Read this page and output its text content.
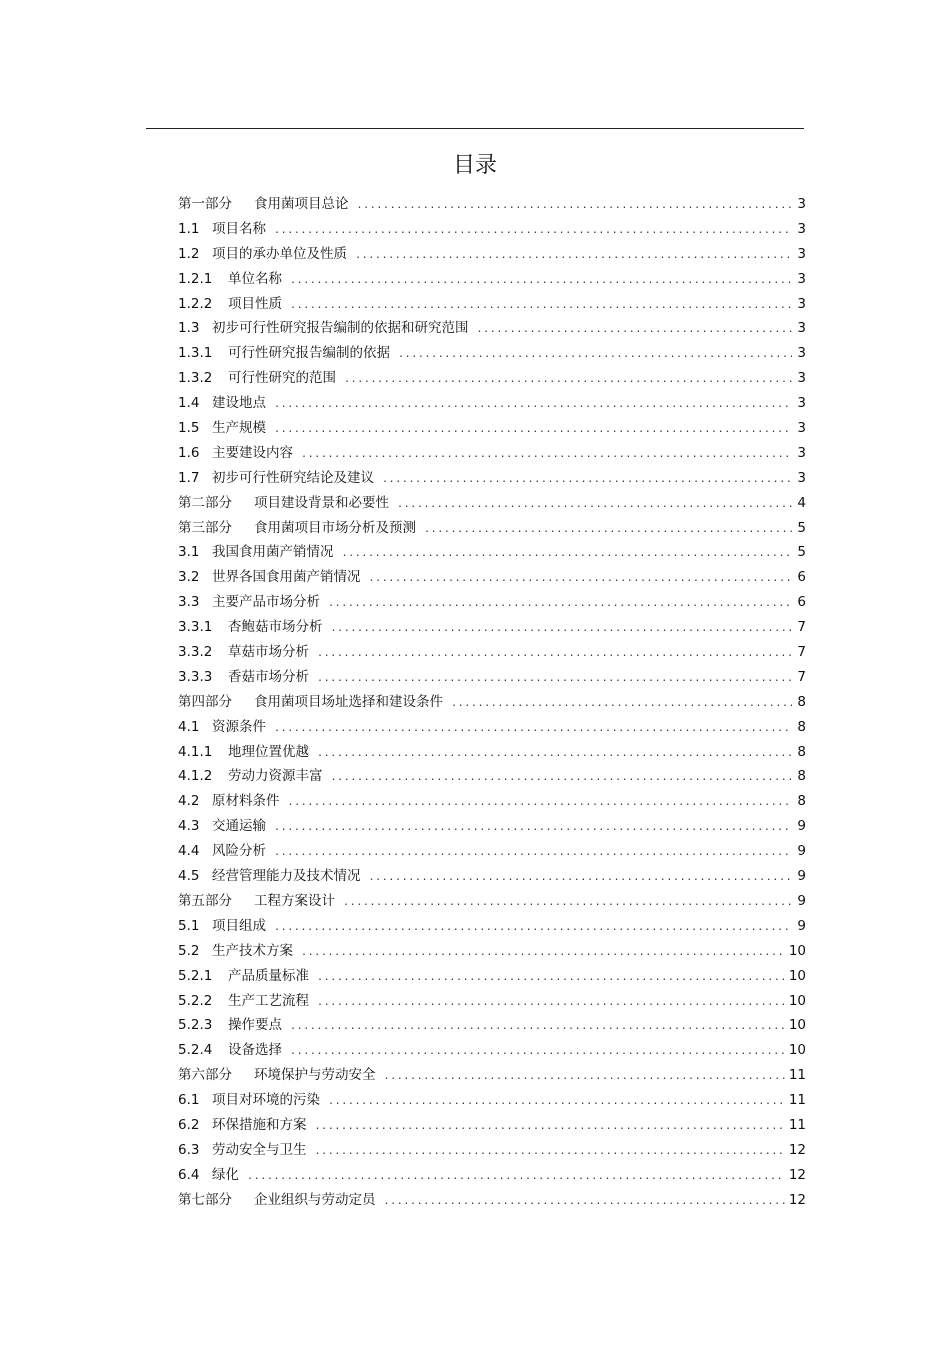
目录
第一部分	食用菌项目总论 .....	3
1.1 项目名称 .....	3
1.2 项目的承办单位及性质 .....	3
1.2.1	单位名称 .....	3
1.2.2	项目性质 .....	3
1.3 初步可行性研究报告编制的依据和研究范围 .....	3
1.3.1	可行性研究报告编制的依据 .....	3
1.3.2	可行性研究的范围 .....	3
1.4 建设地点 .....	3
1.5 生产规模 .....	3
1.6 主要建设内容 .....	3
1.7 初步可行性研究结论及建议 .....	3
第二部分	项目建设背景和必要性 .....	4
第三部分	食用菌项目市场分析及预测 .....	5
3.1 我国食用菌产销情况 .....	5
3.2 世界各国食用菌产销情况 .....	6
3.3 主要产品市场分析 .....	6
3.3.1	杏鲍菇市场分析 .....	7
3.3.2	草菇市场分析 .....	7
3.3.3	香菇市场分析 .....	7
第四部分	食用菌项目场址选择和建设条件 .....	8
4.1 资源条件 .....	8
4.1.1	地理位置优越 .....	8
4.1.2	劳动力资源丰富 .....	8
4.2 原材料条件 .....	8
4.3 交通运输 .....	9
4.4 风险分析 .....	9
4.5 经营管理能力及技术情况 .....	9
第五部分	工程方案设计 .....	9
5.1 项目组成 .....	9
5.2 生产技术方案 .....	10
5.2.1	产品质量标准 .....	10
5.2.2	生产工艺流程 .....	10
5.2.3	操作要点 .....	10
5.2.4	设备选择 .....	10
第六部分	环境保护与劳动安全 .....	11
6.1 项目对环境的污染 .....	11
6.2 环保措施和方案 .....	11
6.3 劳动安全与卫生 .....	12
6.4 绿化 .....	12
第七部分	企业组织与劳动定员 .....	12
